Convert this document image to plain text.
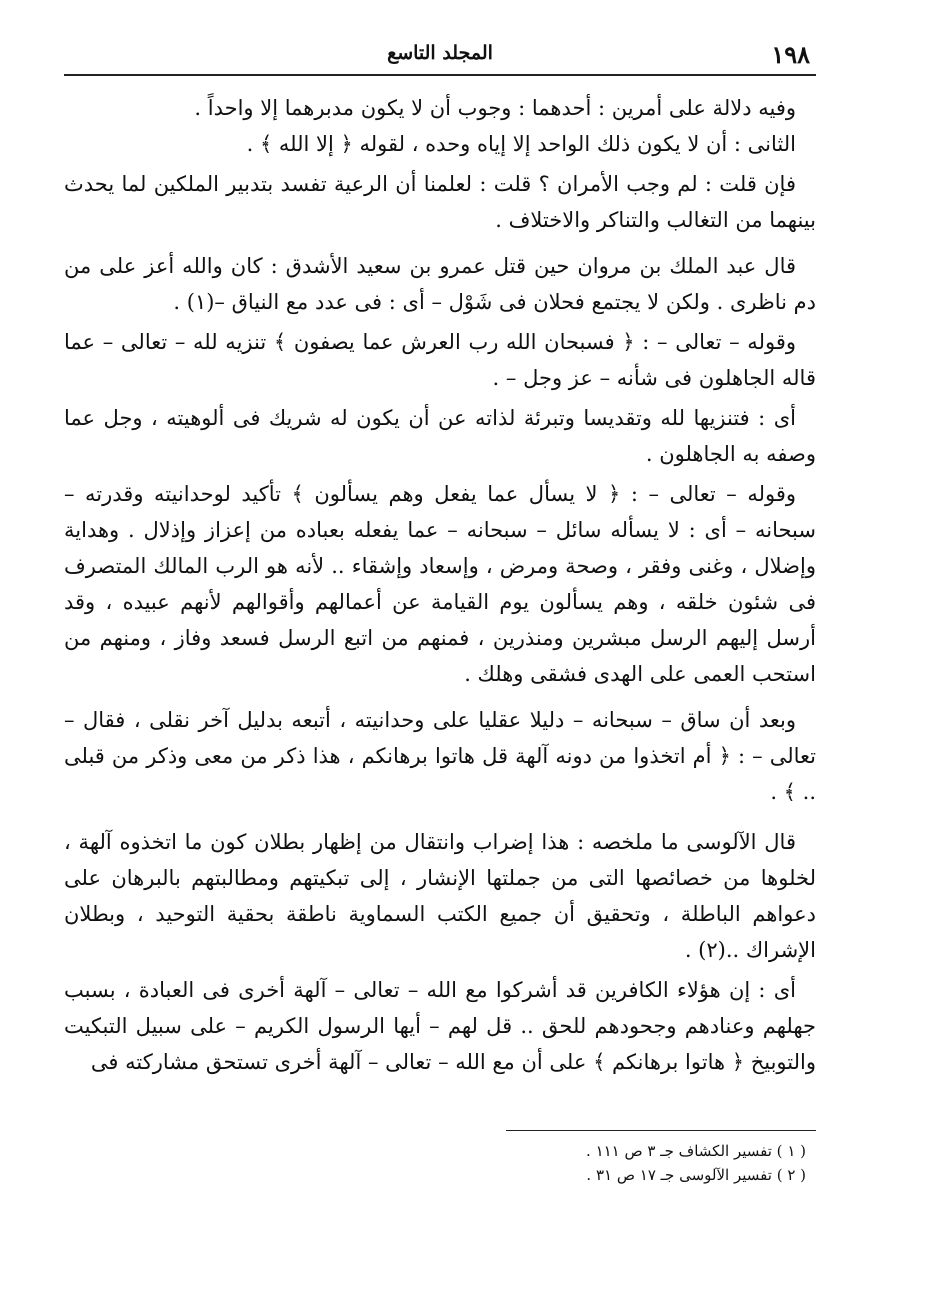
١٩٨
المجلد التاسع

وفيه دلالة على أمرين : أحدهما : وجوب أن لا يكون مدبرهما إلا واحداً .

الثانى : أن لا يكون ذلك الواحد إلا إياه وحده ، لقوله ﴿ إلا الله ﴾ .

فإن قلت : لم وجب الأمران ؟ قلت : لعلمنا أن الرعية تفسد بتدبير الملكين لما يحدث بينهما من التغالب والتناكر والاختلاف .

قال عبد الملك بن مروان حين قتل عمرو بن سعيد الأشدق : كان والله أعز على من دم ناظرى . ولكن لا يجتمع فحلان فى شَوْل – أى : فى عدد مع النياق –(١) .

وقوله – تعالى – : ﴿ فسبحان الله رب العرش عما يصفون ﴾ تنزيه لله – تعالى – عما قاله الجاهلون فى شأنه – عز وجل – .

أى : فتنزيها لله وتقديسا وتبرئة لذاته عن أن يكون له شريك فى ألوهيته ، وجل عما وصفه به الجاهلون .

وقوله – تعالى – : ﴿ لا يسأل عما يفعل وهم يسألون ﴾ تأكيد لوحدانيته وقدرته – سبحانه – أى : لا يسأله سائل – سبحانه – عما يفعله بعباده من إعزاز وإذلال . وهداية وإضلال ، وغنى وفقر ، وصحة ومرض ، وإسعاد وإشقاء .. لأنه هو الرب المالك المتصرف فى شئون خلقه ، وهم يسألون يوم القيامة عن أعمالهم وأقوالهم لأنهم عبيده ، وقد أرسل إليهم الرسل مبشرين ومنذرين ، فمنهم من اتبع الرسل فسعد وفاز ، ومنهم من استحب العمى على الهدى فشقى وهلك .

وبعد أن ساق – سبحانه – دليلا عقليا على وحدانيته ، أتبعه بدليل آخر نقلى ، فقال – تعالى – : ﴿ أم اتخذوا من دونه آلهة قل هاتوا برهانكم ، هذا ذكر من معى وذكر من قبلى .. ﴾ .

قال الآلوسى ما ملخصه : هذا إضراب وانتقال من إظهار بطلان كون ما اتخذوه آلهة ، لخلوها من خصائصها التى من جملتها الإنشار ، إلى تبكيتهم ومطالبتهم بالبرهان على دعواهم الباطلة ، وتحقيق أن جميع الكتب السماوية ناطقة بحقية التوحيد ، وبطلان الإشراك ..(٢) .

أى : إن هؤلاء الكافرين قد أشركوا مع الله – تعالى – آلهة أخرى فى العبادة ، بسبب جهلهم وعنادهم وجحودهم للحق .. قل لهم – أيها الرسول الكريم – على سبيل التبكيت والتوبيخ ﴿ هاتوا برهانكم ﴾ على أن مع الله – تعالى – آلهة أخرى تستحق مشاركته فى

( ١ ) تفسير الكشاف جـ ٣ ص ١١١ .
( ٢ ) تفسير الآلوسى جـ ١٧ ص ٣١ .
